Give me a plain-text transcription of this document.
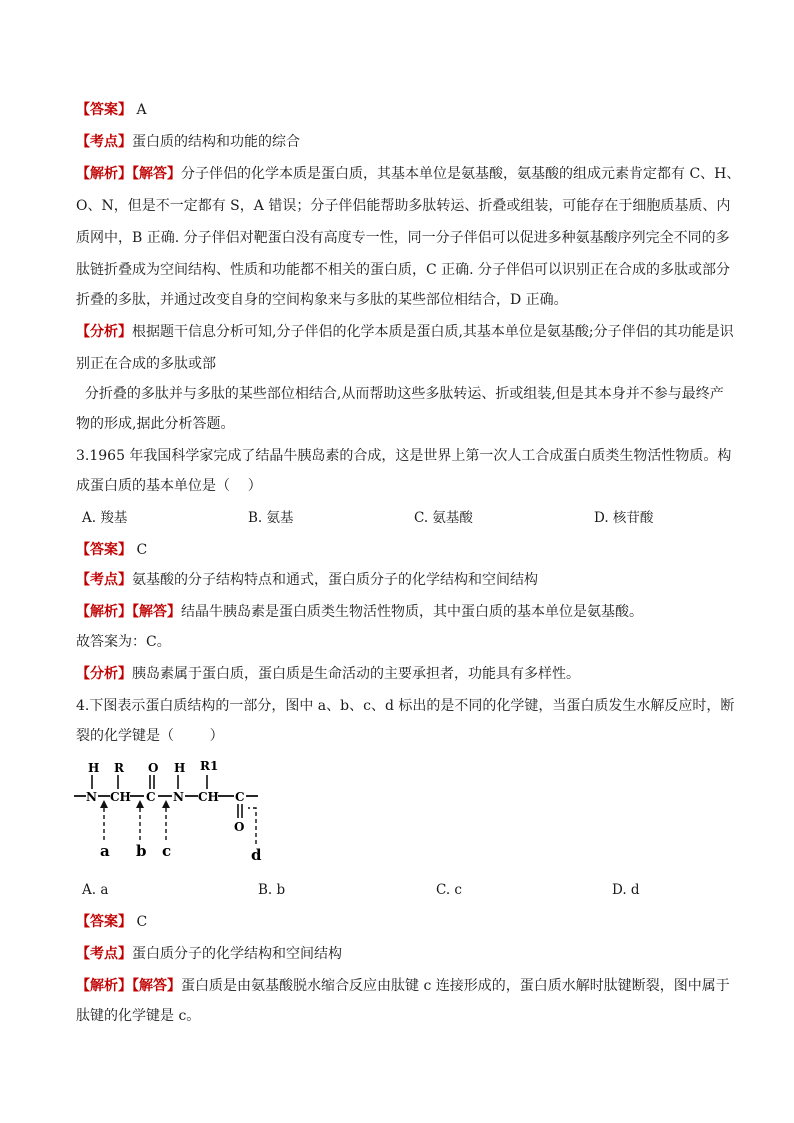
【答案】 A
【考点】蛋白质的结构和功能的综合
【解析】【解答】分子伴侣的化学本质是蛋白质，其基本单位是氨基酸，氨基酸的组成元素肯定都有 C、H、
O、N，但是不一定都有 S，A 错误；分子伴侣能帮助多肽转运、折叠或组装，可能存在于细胞质基质、内
质网中，B 正确. 分子伴侣对靶蛋白没有高度专一性，同一分子伴侣可以促进多种氨基酸序列完全不同的多
肽链折叠成为空间结构、性质和功能都不相关的蛋白质，C 正确. 分子伴侣可以识别正在合成的多肽或部分
折叠的多肽，并通过改变自身的空间构象来与多肽的某些部位相结合，D 正确。
【分析】根据题干信息分析可知,分子伴侣的化学本质是蛋白质,其基本单位是氨基酸;分子伴侣的其功能是识
别正在合成的多肽或部
分折叠的多肽并与多肽的某些部位相结合,从而帮助这些多肽转运、折或组装,但是其本身并不参与最终产
物的形成,据此分析答题。
3.1965 年我国科学家完成了结晶牛胰岛素的合成，这是世界上第一次人工合成蛋白质类生物活性物质。构
成蛋白质的基本单位是（    ）
A. 羧基	B. 氨基	C. 氨基酸	D. 核苷酸
【答案】 C
【考点】氨基酸的分子结构特点和通式，蛋白质分子的化学结构和空间结构
【解析】【解答】结晶牛胰岛素是蛋白质类生物活性物质，其中蛋白质的基本单位是氨基酸。
故答案为：C。
【分析】胰岛素属于蛋白质，蛋白质是生命活动的主要承担者，功能具有多样性。
4.下图表示蛋白质结构的一部分，图中 a、b、c、d 标出的是不同的化学键，当蛋白质发生水解反应时，断
裂的化学键是（        ）
H R O H R1
N CH C N CH C
O
a b c	d
A. a	B. b	C. c	D. d
【答案】 C
【考点】蛋白质分子的化学结构和空间结构
【解析】【解答】蛋白质是由氨基酸脱水缩合反应由肽键 c 连接形成的，蛋白质水解时肽键断裂，图中属于
肽键的化学键是 c。
